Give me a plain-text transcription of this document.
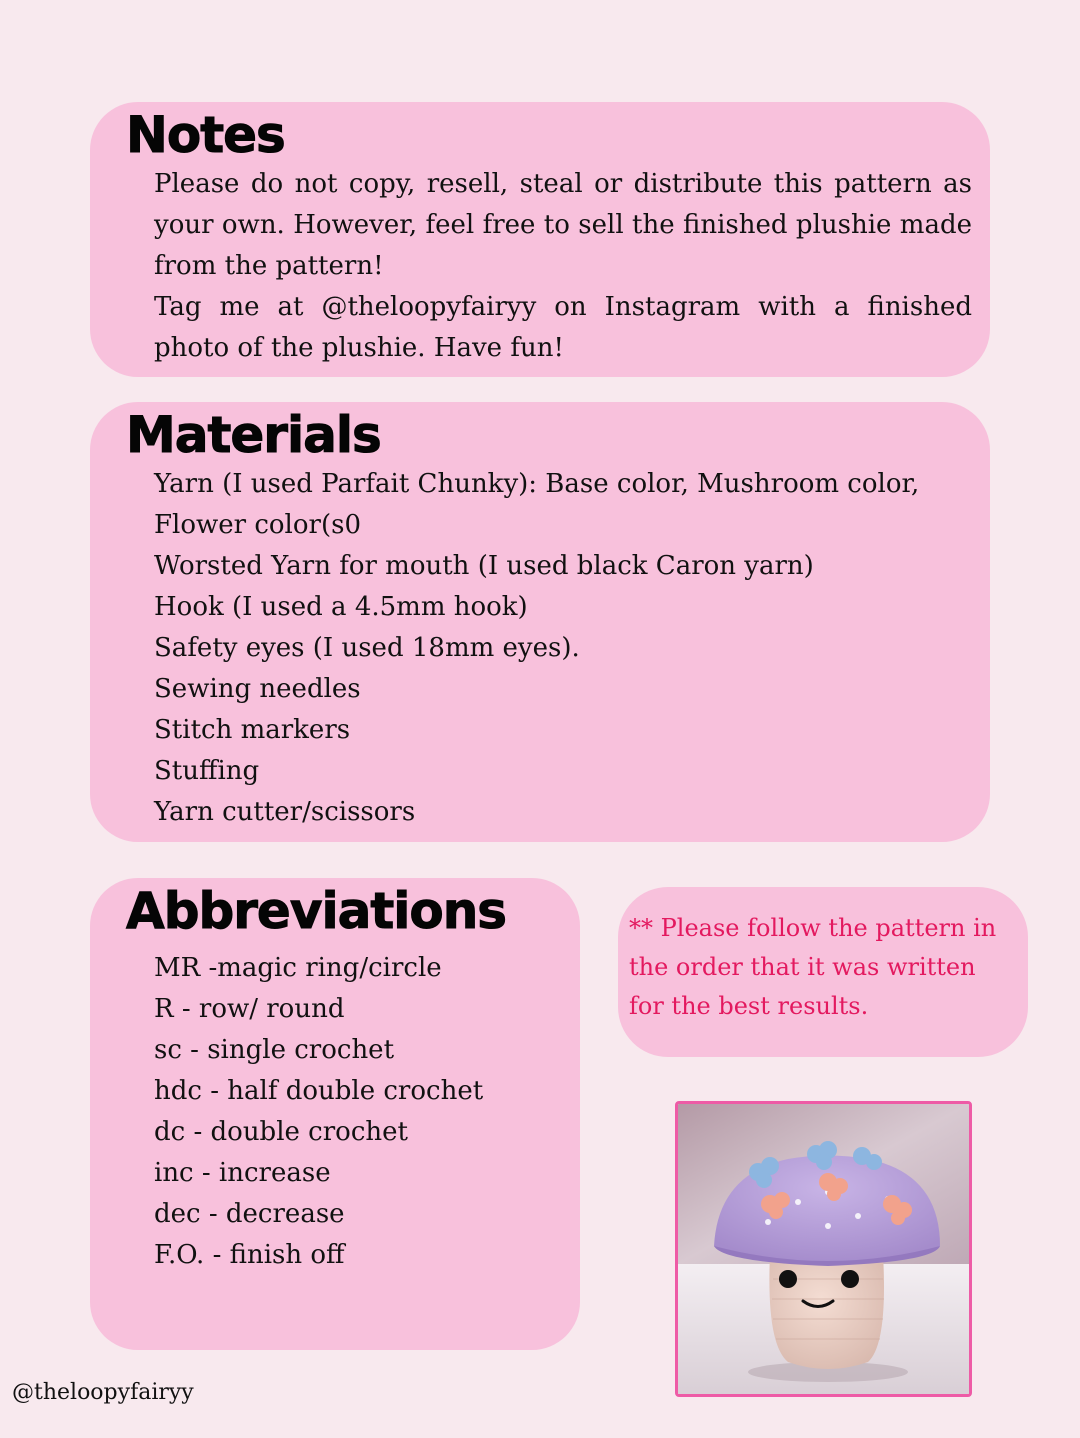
Notes

Please do not copy, resell, steal or distribute this pattern as your own. However, feel free to sell the finished plushie made from the pattern!
Tag me at @theloopyfairyy on Instagram with a finished photo of the plushie. Have fun!

Materials
Yarn (I used Parfait Chunky): Base color, Mushroom color,
Flower color(s0
Worsted Yarn for mouth (I used black Caron yarn)
Hook (I used a 4.5mm hook)
Safety eyes (I used 18mm eyes).
Sewing needles
Stitch markers
Stuffing
Yarn cutter/scissors
Abbreviations
MR -magic ring/circle
R - row/ round
sc - single crochet
hdc - half double crochet
dc - double crochet
inc - increase
dec - decrease
F.O. - finish off

** Please follow the pattern in the order that it was written for the best results.

@theloopyfairyy
